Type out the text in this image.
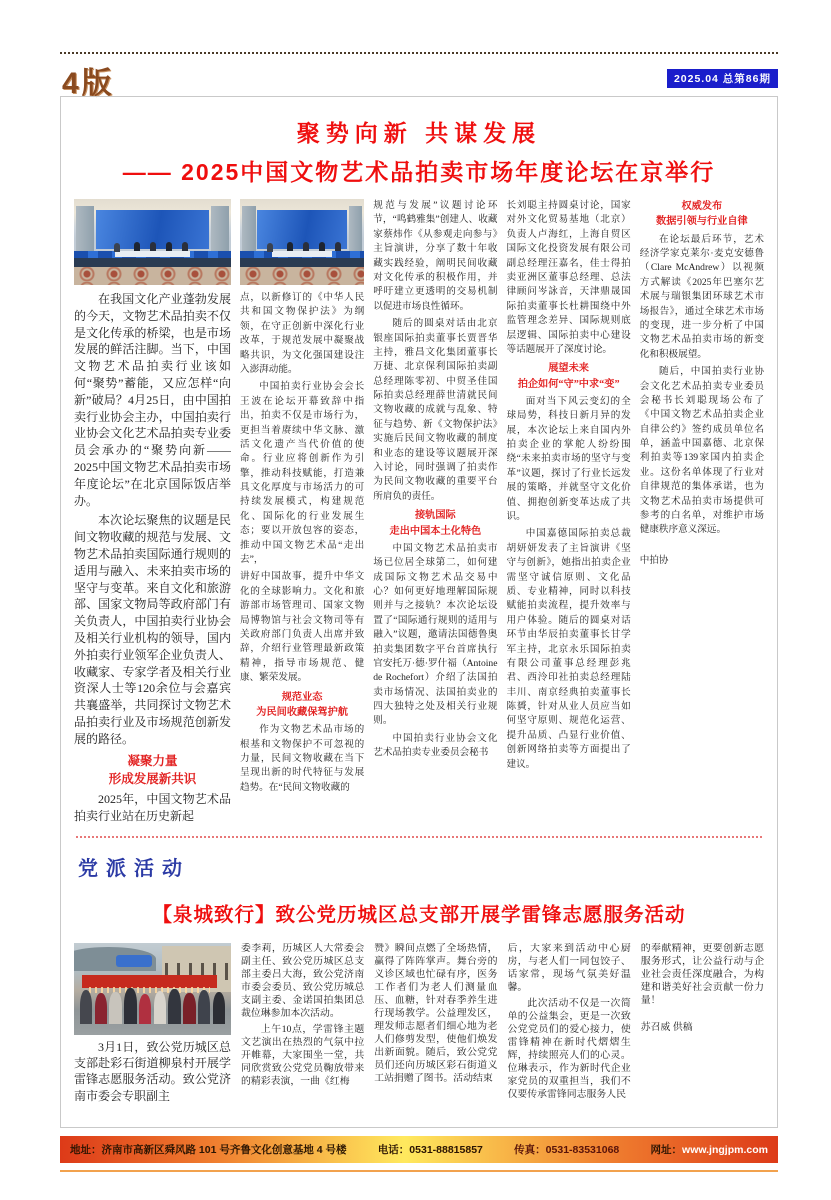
4版	2025.04 总第86期
聚势向新 共谋发展
—— 2025中国文物艺术品拍卖市场年度论坛在京举行

在我国文化产业蓬勃发展的今天，文物艺术品拍卖不仅是文化传承的桥梁，也是市场发展的鲜活注脚。当下，中国文物艺术品拍卖行业该如何“聚势”蓄能，又应怎样“向新”破局？4月25日，由中国拍卖行业协会主办，中国拍卖行业协会文化艺术品拍卖专业委员会承办的“聚势向新——2025中国文物艺术品拍卖市场年度论坛”在北京国际饭店举办。

本次论坛聚焦的议题是民间文物收藏的规范与发展、文物艺术品拍卖国际通行规则的适用与融入、未来拍卖市场的坚守与变革。来自文化和旅游部、国家文物局等政府部门有关负责人，中国拍卖行业协会及相关行业机构的领导，国内外拍卖行业领军企业负责人、收藏家、专家学者及相关行业资深人士等120余位与会嘉宾共襄盛举，共同探讨文物艺术品拍卖行业及市场规范创新发展的路径。

凝聚力量
形成发展新共识

2025年，中国文物艺术品拍卖行业站在历史新起

点，以新修订的《中华人民共和国文物保护法》为纲领，在守正创新中深化行业改革，于规范发展中凝聚战略共识，为文化强国建设注入澎湃动能。

中国拍卖行业协会会长王波在论坛开幕致辞中指出，拍卖不仅是市场行为，更担当着赓续中华文脉、激活文化遗产当代价值的使命。行业应将创新作为引擎，推动科技赋能，打造兼具文化厚度与市场活力的可持续发展模式，构建规范化、国际化的行业发展生态；要以开放包容的姿态，推动中国文物艺术品“走出去”，

讲好中国故事，提升中华文化的全球影响力。文化和旅游部市场管理司、国家文物局博物馆与社会文物司等有关政府部门负责人出席并致辞，介绍行业管理最新政策精神，指导市场规范、健康、繁荣发展。

规范业态
为民间收藏保驾护航

作为文物艺术品市场的根基和文物保护不可忽视的力量，民间文物收藏在当下呈现出新的时代特征与发展趋势。在“民间文物收藏的

规范与发展”议题讨论环节，“鸣鹤雅集”创建人、收藏家蔡炜作《从参观走向参与》主旨演讲，分享了数十年收藏实践经验，阐明民间收藏对文化传承的积极作用，并呼吁建立更透明的交易机制以促进市场良性循环。

随后的圆桌对话由北京银座国际拍卖董事长贾晋华主持，雅昌文化集团董事长万捷、北京保利国际拍卖副总经理陈零初、中贸圣佳国际拍卖总经理薛世清就民间文物收藏的成就与乱象、特征与趋势、新《文物保护法》实施后民间文物收藏的制度和业态的建设等议题展开深入讨论，同时强调了拍卖作为民间文物收藏的重要平台所肩负的责任。

接轨国际
走出中国本土化特色

中国文物艺术品拍卖市场已位居全球第二，如何建成国际文物艺术品交易中心？如何更好地理解国际规则并与之接轨？本次论坛设置了“国际通行规则的适用与融入”议题，邀请法国德鲁奥拍卖集团数字平台首席执行官安托万·德·罗什福（Antoine de Rochefort）介绍了法国拍卖市场情况、法国拍卖业的四大独特之处及相关行业规则。

中国拍卖行业协会文化艺术品拍卖专业委员会秘书

长刘聪主持圆桌讨论，国家对外文化贸易基地（北京）负责人卢海红，上海自贸区国际文化投资发展有限公司副总经理汪嘉名，佳士得拍卖亚洲区董事总经理、总法律顾问岑詠音，天津鼎晟国际拍卖董事长杜耕围绕中外监管理念差异、国际规则底层逻辑、国际拍卖中心建设等话题展开了深度讨论。

展望未来
拍企如何“守”中求“变”

面对当下风云变幻的全球局势，科技日新月异的发展，本次论坛上来自国内外拍卖企业的掌舵人纷纷围绕“未来拍卖市场的坚守与变革”议题，探讨了行业长远发展的策略，并就坚守文化价值、拥抱创新变革达成了共识。

中国嘉德国际拍卖总裁胡妍妍发表了主旨演讲《坚守与创新》，她指出拍卖企业需坚守诚信原则、文化品质、专业精神，同时以科技赋能拍卖流程，提升效率与用户体验。随后的圆桌对话环节由华辰拍卖董事长甘学军主持，北京永乐国际拍卖有限公司董事总经理彭兆君、西泠印社拍卖总经理陆丰川、南京经典拍卖董事长陈贇，针对从业人员应当如何坚守原则、规范化运营、提升品质、凸显行业价值、创新网络拍卖等方面提出了建议。

权威发布
数据引领与行业自律

在论坛最后环节，艺术经济学家克莱尔·麦克安德鲁（Clare McAndrew）以视频方式解读《2025年巴塞尔艺术展与瑞银集团环球艺术市场报告》，通过全球艺术市场的变现，进一步分析了中国文物艺术品拍卖市场的新变化和积极展望。

随后，中国拍卖行业协会文化艺术品拍卖专业委员会秘书长刘聪现场公布了《中国文物艺术品拍卖企业自律公约》签约成员单位名单，涵盖中国嘉德、北京保利拍卖等139家国内拍卖企业。这份名单体现了行业对自律规范的集体承诺，也为文物艺术品拍卖市场提供可参考的白名单，对维护市场健康秩序意义深远。

中拍协

党派活动
【泉城致行】致公党历城区总支部开展学雷锋志愿服务活动

3月1日，致公党历城区总支部赴彩石街道柳泉村开展学雷锋志愿服务活动。致公党济南市委会专职副主

委李莉，历城区人大常委会副主任、致公党历城区总支部主委吕大海，致公党济南市委会委员、致公党历城总支副主委、金诺国拍集团总裁位琳参加本次活动。

上午10点，学雷锋主题文艺演出在热烈的气氛中拉开帷幕，大家围坐一堂，共同欣赏致公党党员鞠放带来的精彩表演，一曲《红梅

赞》瞬间点燃了全场热情，赢得了阵阵掌声。舞台旁的义诊区域也忙碌有序，医务工作者们为老人们测量血压、血糖，针对春季养生进行现场教学。公益理发区，理发师志愿者们细心地为老人们修剪发型，使他们焕发出新面貌。随后，致公党党员们还向历城区彩石街道义工站捐赠了图书。活动结束

后，大家来到活动中心厨房，与老人们一同包饺子、话家常，现场气氛美好温馨。

此次活动不仅是一次简单的公益集会，更是一次致公党党员们的爱心接力，使雷锋精神在新时代熠熠生辉，持续照亮人们的心灵。位琳表示，作为新时代企业家党员的双重担当，我们不仅要传承雷锋同志服务人民

的奉献精神，更要创新志愿服务形式，让公益行动与企业社会责任深度融合，为构建和谐美好社会贡献一份力量！

苏召威 供稿

地址：济南市高新区舜风路 101 号齐鲁文化创意基地 4 号楼	电话：0531-88815857	传真：0531-83531068	网址：www.jngjpm.com
